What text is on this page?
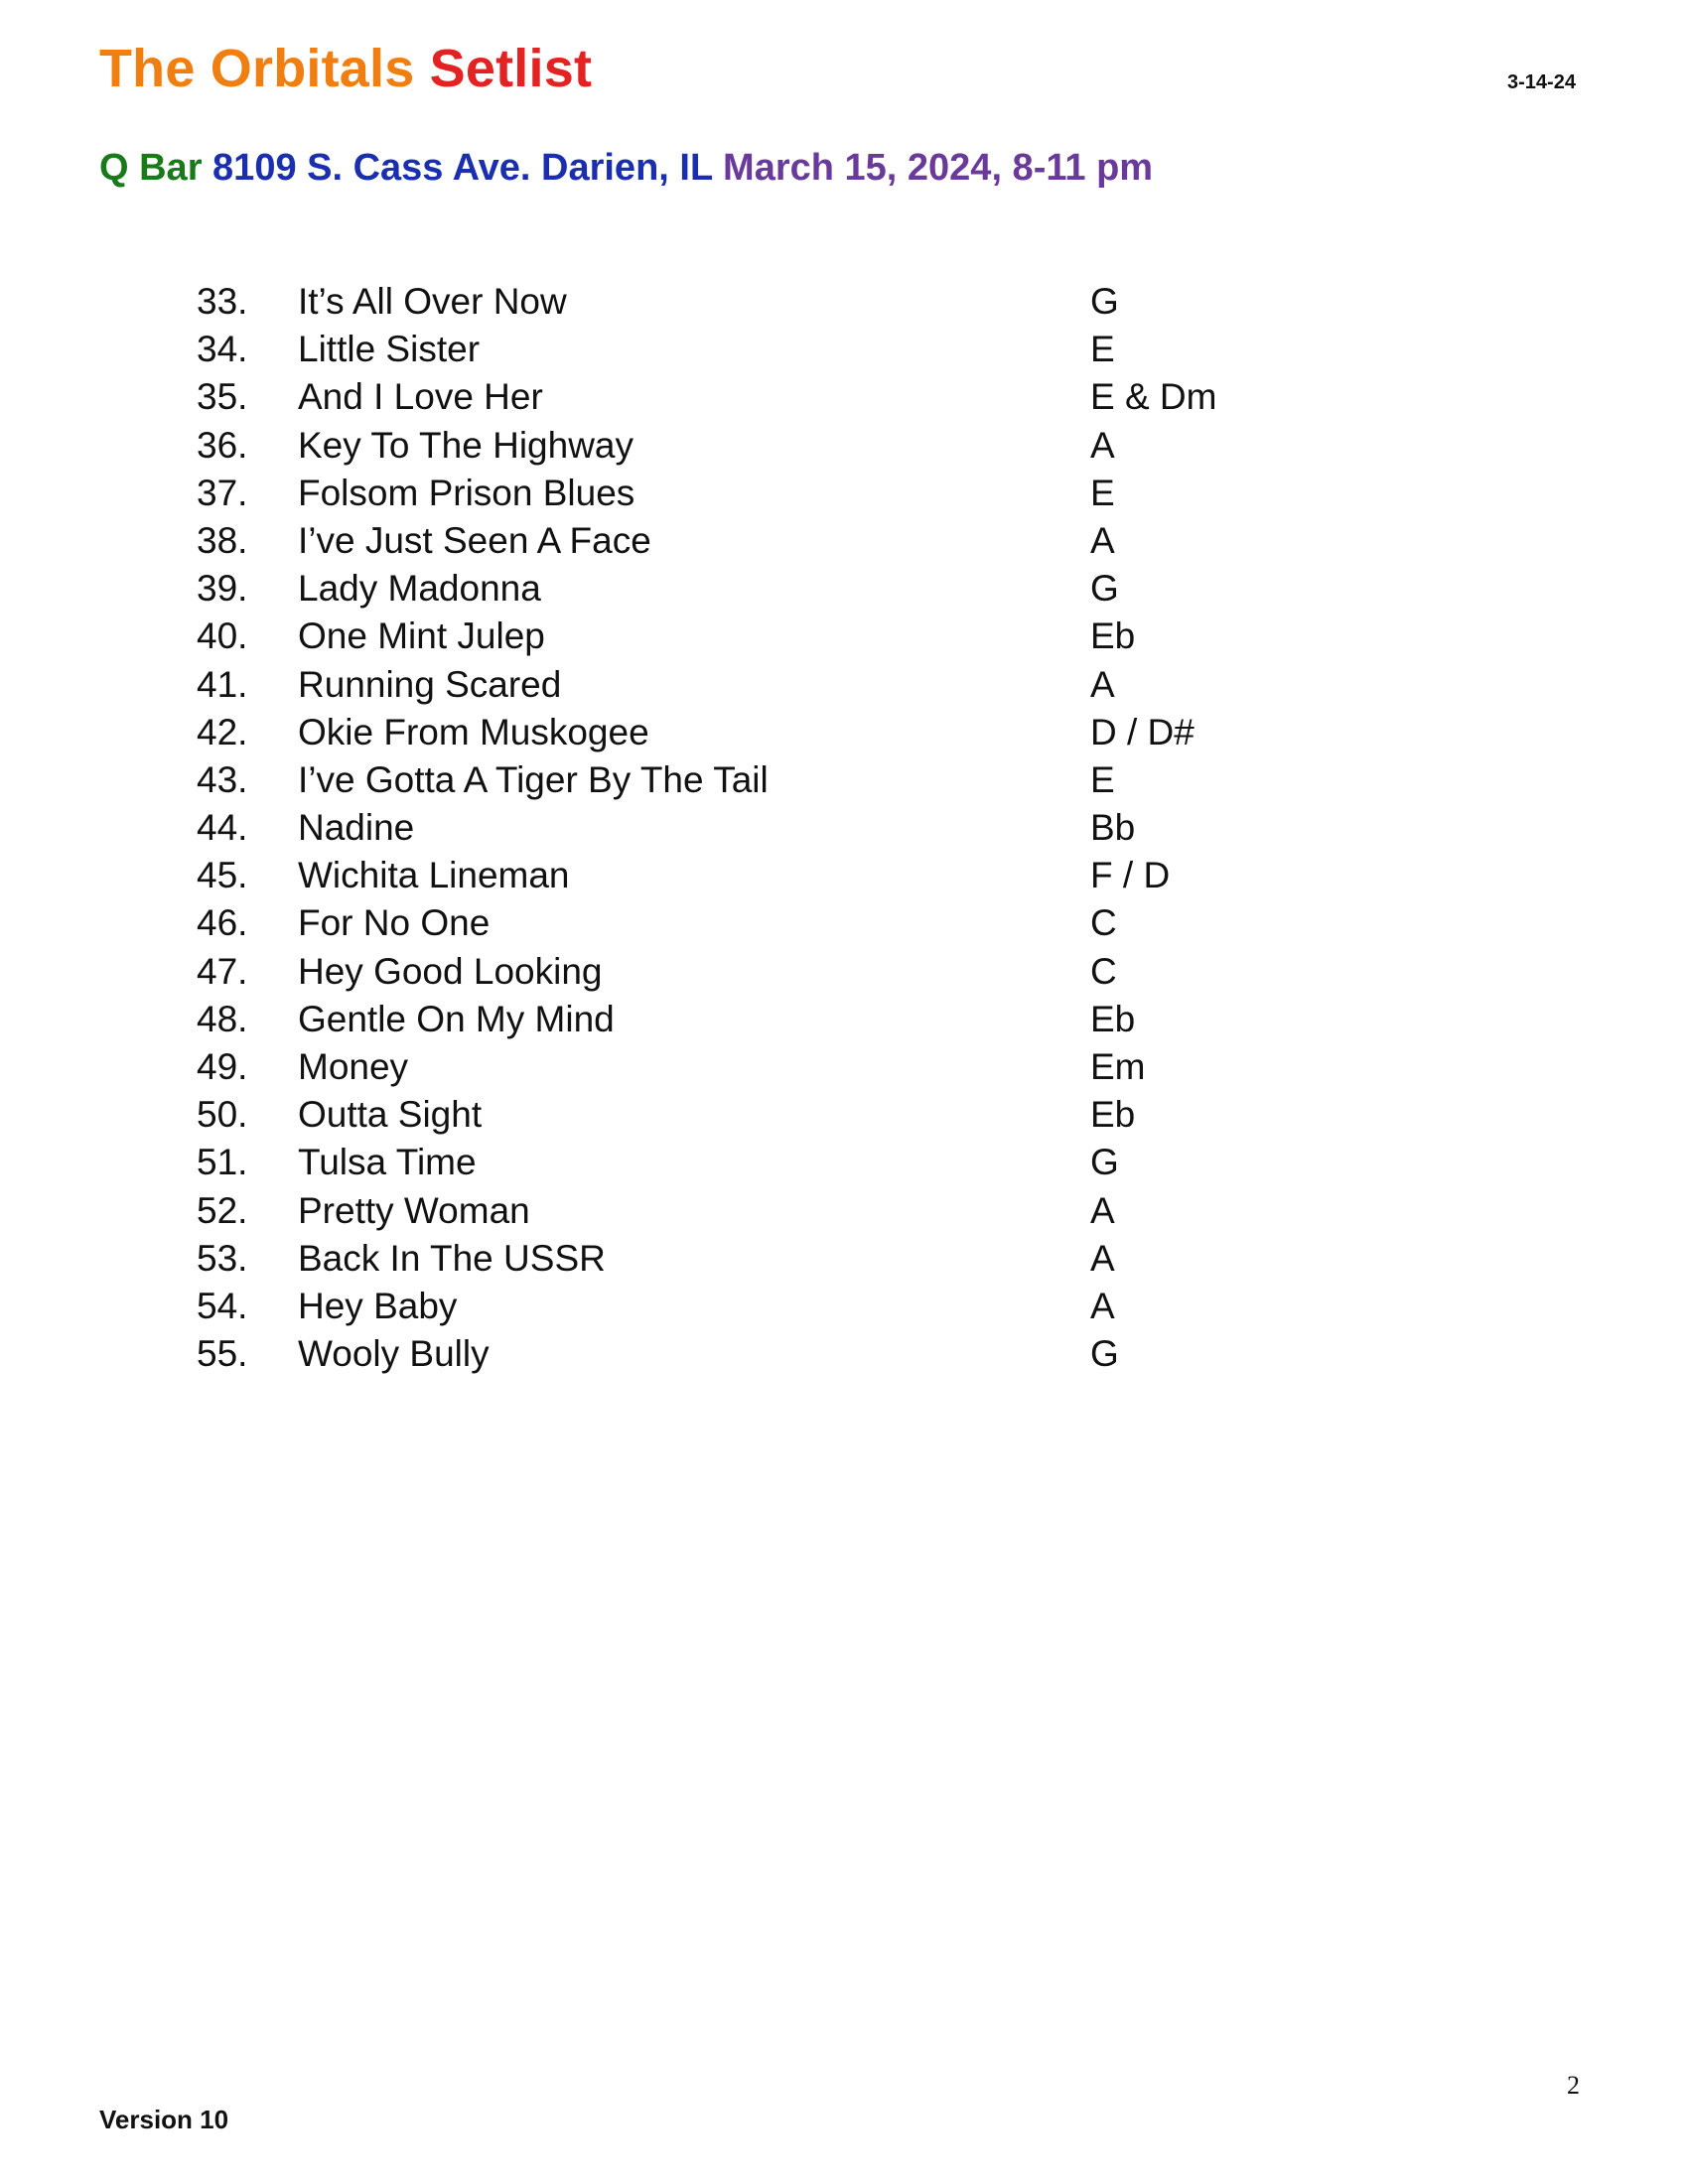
The Orbitals Setlist	3-14-24
Q Bar 8109 S. Cass Ave. Darien, IL March 15, 2024, 8-11 pm
33. It’s All Over Now	G
34. Little Sister	E
35. And I Love Her	E & Dm
36. Key To The Highway	A
37. Folsom Prison Blues	E
38. I’ve Just Seen A Face	A
39. Lady Madonna	G
40. One Mint Julep	Eb
41. Running Scared	A
42. Okie From Muskogee	D / D#
43. I’ve Gotta A Tiger By The Tail	E
44. Nadine	Bb
45. Wichita Lineman	F / D
46. For No One	C
47. Hey Good Looking	C
48. Gentle On My Mind	Eb
49. Money	Em
50. Outta Sight	Eb
51. Tulsa Time	G
52. Pretty Woman	A
53. Back In The USSR	A
54. Hey Baby	A
55. Wooly Bully	G
2
Version 10
